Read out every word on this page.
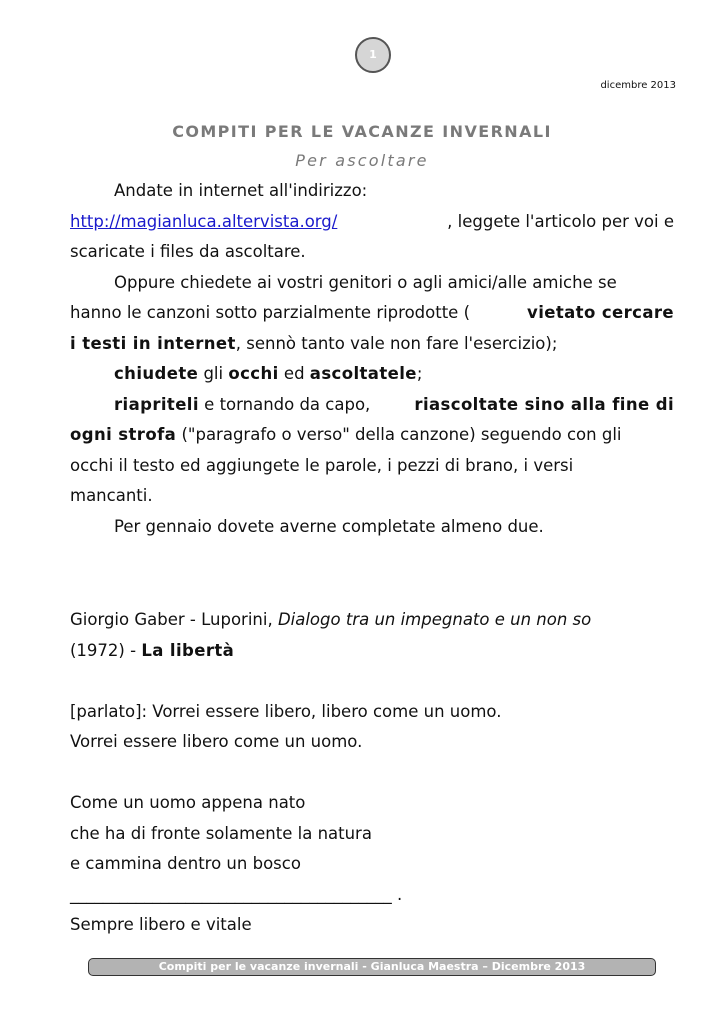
1
dicembre 2013
COMPITI PER LE VACANZE INVERNALI
Per ascoltare
Andate in internet all'indirizzo:
http://magianluca.altervista.org/	, leggete l'articolo per voi e
scaricate i files da ascoltare.
Oppure chiedete ai vostri genitori o agli amici/alle amiche se
hanno le canzoni sotto parzialmente riprodotte (	vietato cercare
i testi in internet, sennò tanto vale non fare l'esercizio);
chiudete gli occhi ed ascoltatele;
riapriteli e tornando da capo,	riascoltate sino alla fine di
ogni strofa ("paragrafo o verso" della canzone) seguendo con gli
occhi il testo ed aggiungete le parole, i pezzi di brano, i versi
mancanti.
Per gennaio dovete averne completate almeno due.
Giorgio Gaber - Luporini, Dialogo tra un impegnato e un non so
(1972) - La libertà
[parlato]: Vorrei essere libero, libero come un uomo.
Vorrei essere libero come un uomo.
Come un uomo appena nato
che ha di fronte solamente la natura
e cammina dentro un bosco
_______________________________________ .
Sempre libero e vitale
Compiti per le vacanze invernali - Gianluca Maestra – Dicembre 2013
